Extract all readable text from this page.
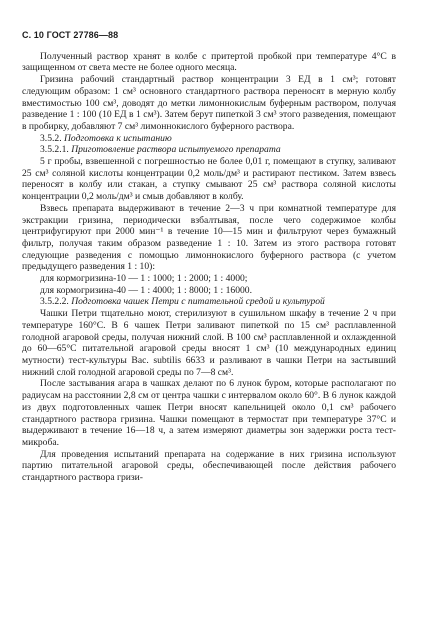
С. 10 ГОСТ 27786—88

Полученный раствор хранят в колбе с притертой пробкой при температуре 4°С в защищенном от света месте не более одного месяца.

Гризина рабочий стандартный раствор концентрации 3 ЕД в 1 см³; готовят следующим образом: 1 см³ основного стандартного раствора переносят в мерную колбу вместимостью 100 см³, доводят до метки лимоннокислым буферным раствором, получая разведение 1 : 100 (10 ЕД в 1 см³). Затем берут пипеткой 3 см³ этого разведения, помещают в пробирку, добавляют 7 см³ лимоннокислого буферного раствора.

3.5.2. Подготовка к испытанию

3.5.2.1. Приготовление раствора испытуемого препарата

5 г пробы, взвешенной с погрешностью не более 0,01 г, помещают в ступку, заливают 25 см³ соляной кислоты концентрации 0,2 моль/дм³ и растирают пестиком. Затем взвесь переносят в колбу или стакан, а ступку смывают 25 см³ раствора соляной кислоты концентрации 0,2 моль/дм³ и смыв добавляют в колбу.

Взвесь препарата выдерживают в течение 2—3 ч при комнатной температуре для экстракции гризина, периодически взбалтывая, после чего содержимое колбы центрифугируют при 2000 мин⁻¹ в течение 10—15 мин и фильтруют через бумажный фильтр, получая таким образом разведение 1 : 10. Затем из этого раствора готовят следующие разведения с помощью лимоннокислого буферного раствора (с учетом предыдущего разведения 1 : 10):

для кормогризина-10 — 1 : 1000; 1 : 2000; 1 : 4000;

для кормогризина-40 — 1 : 4000; 1 : 8000; 1 : 16000.

3.5.2.2. Подготовка чашек Петри с питательной средой и культурой

Чашки Петри тщательно моют, стерилизуют в сушильном шкафу в течение 2 ч при температуре 160°С. В 6 чашек Петри заливают пипеткой по 15 см³ расплавленной голодной агаровой среды, получая нижний слой. В 100 см³ расплавленной и охлажденной до 60—65°С питательной агаровой среды вносят 1 см³ (10 международных единиц мутности) тест-культуры Bac. subtilis 6633 и разливают в чашки Петри на застывший нижний слой голодной агаровой среды по 7—8 см³.

После застывания агара в чашках делают по 6 лунок буром, которые располагают по радиусам на расстоянии 2,8 см от центра чашки с интервалом около 60°. В 6 лунок каждой из двух подготовленных чашек Петри вносят капельницей около 0,1 см³ рабочего стандартного раствора гризина. Чашки помещают в термостат при температуре 37°С и выдерживают в течение 16—18 ч, а затем измеряют диаметры зон задержки роста тест-микроба.

Для проведения испытаний препарата на содержание в них гризина используют партию питательной агаровой среды, обеспечивающей после действия рабочего стандартного раствора гризи-
